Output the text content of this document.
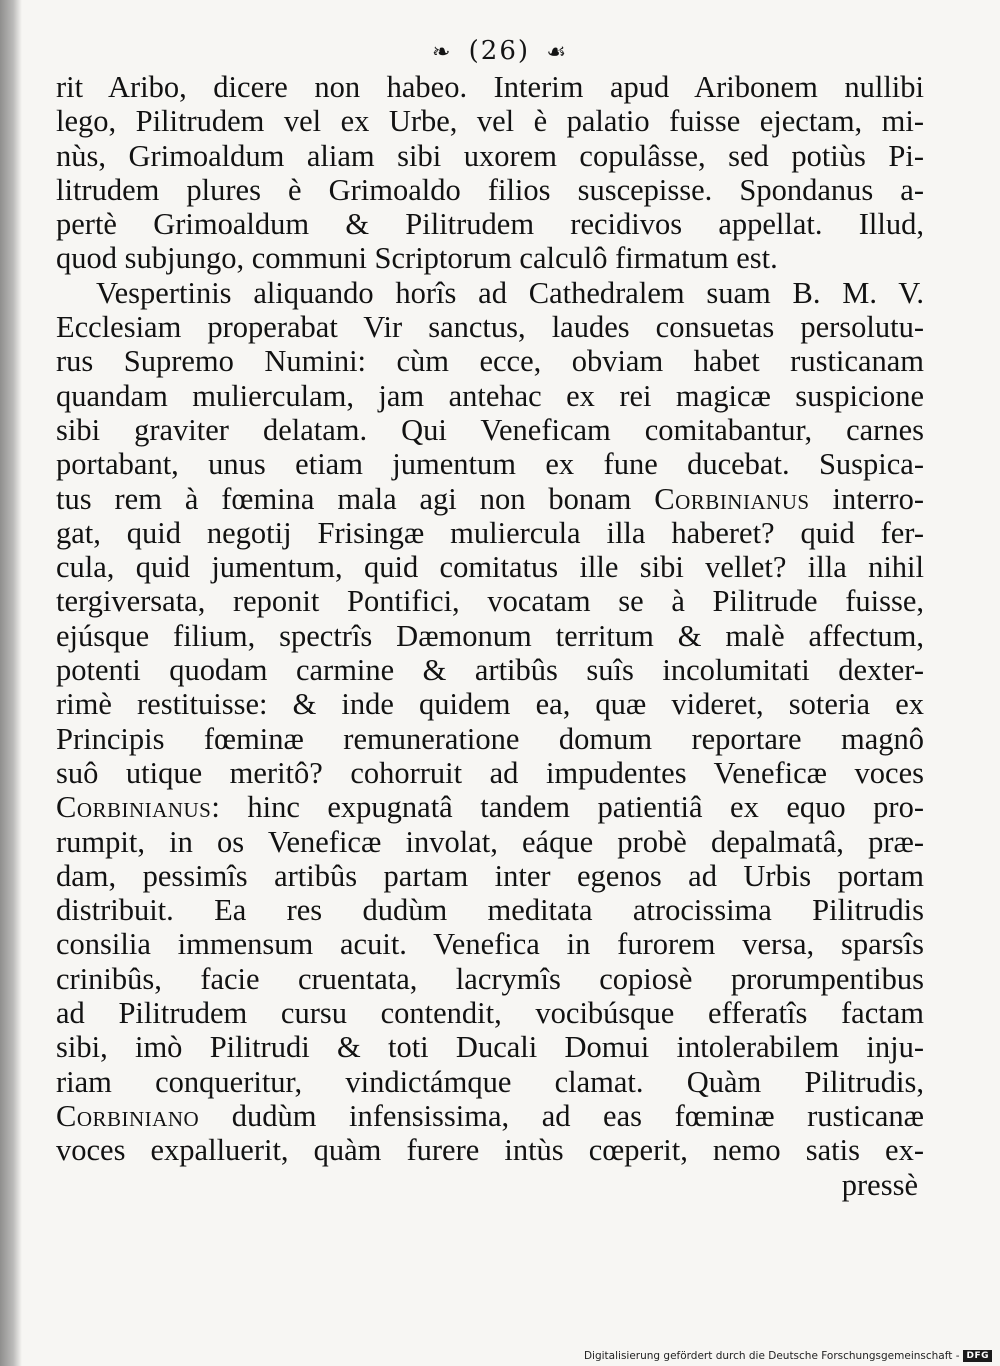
❧ (26) ☙
rit Aribo, dicere non habeo. Interim apud Aribonem nullibi
lego, Pilitrudem vel ex Urbe, vel è palatio fuisse ejectam, mi-
nùs, Grimoaldum aliam sibi uxorem copulâsse, sed potiùs Pi-
litrudem plures è Grimoaldo filios suscepisse. Spondanus a-
pertè Grimoaldum & Pilitrudem recidivos appellat. Illud,
quod subjungo, communi Scriptorum calculô firmatum est.
Vespertinis aliquando horîs ad Cathedralem suam B. M. V.
Ecclesiam properabat Vir sanctus, laudes consuetas persolutu-
rus Supremo Numini: cùm ecce, obviam habet rusticanam
quandam mulierculam, jam antehac ex rei magicæ suspicione
sibi graviter delatam. Qui Veneficam comitabantur, carnes
portabant, unus etiam jumentum ex fune ducebat. Suspica-
tus rem à fœmina mala agi non bonam Corbinianus interro-
gat, quid negotij Frisingæ muliercula illa haberet? quid fer-
cula, quid jumentum, quid comitatus ille sibi vellet? illa nihil
tergiversata, reponit Pontifici, vocatam se à Pilitrude fuisse,
ejúsque filium, spectrîs Dæmonum territum & malè affectum,
potenti quodam carmine & artibûs suîs incolumitati dexter-
rimè restituisse: & inde quidem ea, quæ videret, soteria ex
Principis fœminæ remuneratione domum reportare magnô
suô utique meritô? cohorruit ad impudentes Veneficæ voces
Corbinianus: hinc expugnatâ tandem patientiâ ex equo pro-
rumpit, in os Veneficæ involat, eáque probè depalmatâ, præ-
dam, pessimîs artibûs partam inter egenos ad Urbis portam
distribuit. Ea res dudùm meditata atrocissima Pilitrudis
consilia immensum acuit. Venefica in furorem versa, sparsîs
crinibûs, facie cruentata, lacrymîs copiosè prorumpentibus
ad Pilitrudem cursu contendit, vocibúsque efferatîs factam
sibi, imò Pilitrudi & toti Ducali Domui intolerabilem inju-
riam conqueritur, vindictámque clamat. Quàm Pilitrudis,
Corbiniano dudùm infensissima, ad eas fœminæ rusticanæ
voces expalluerit, quàm furere intùs cœperit, nemo satis ex-
pressè
Digitalisierung gefördert durch die Deutsche Forschungsgemeinschaft - DFG
